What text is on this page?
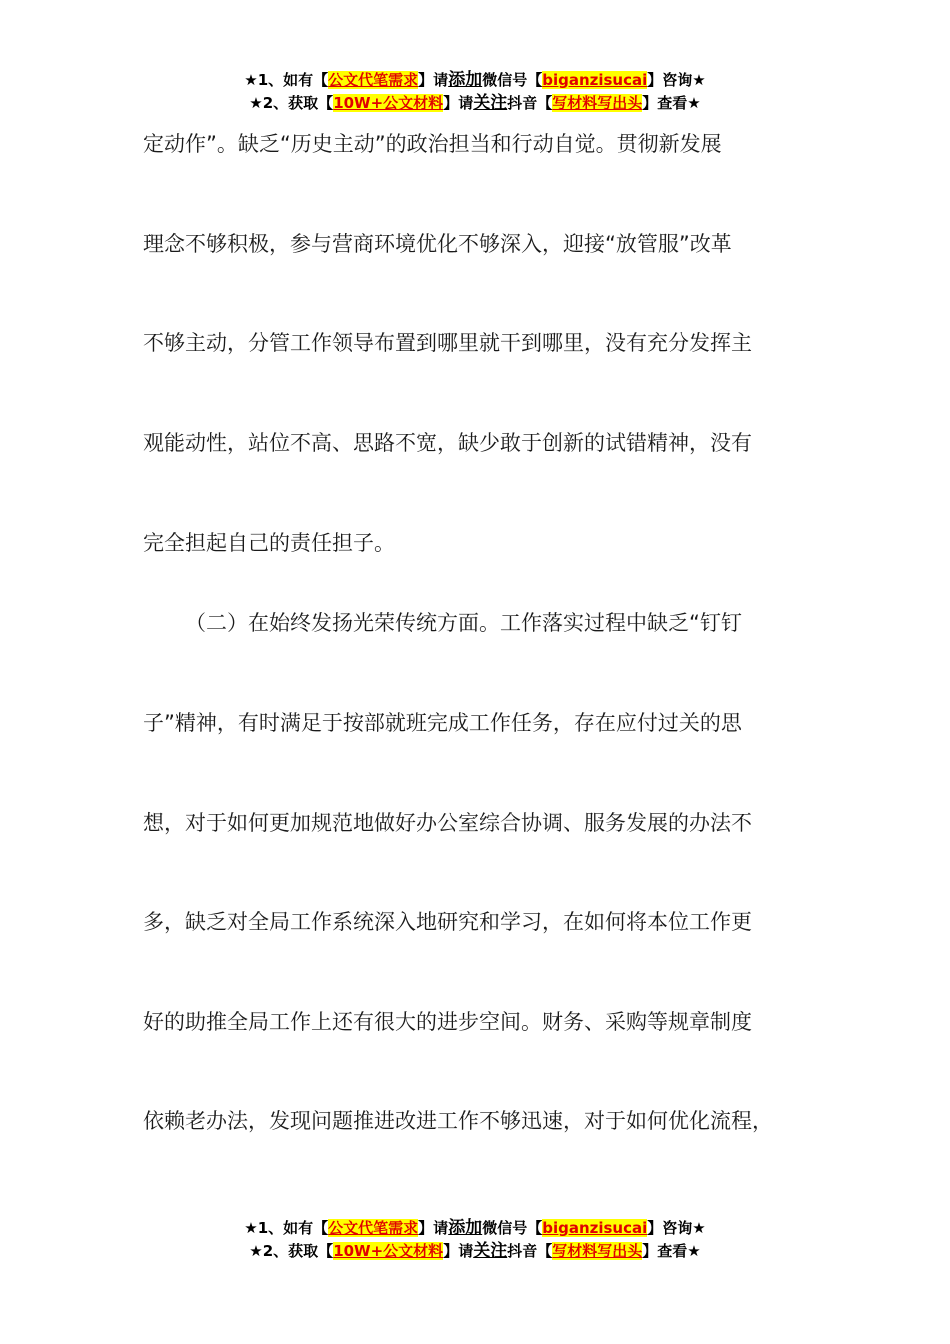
★1、如有【公文代笔需求】请添加微信号【biganzisucai】咨询★
★2、获取【10W+公文材料】请关注抖音【写材料写出头】查看★
定动作”。缺乏“历史主动”的政治担当和行动自觉。贯彻新发展
理念不够积极，参与营商环境优化不够深入，迎接“放管服”改革
不够主动，分管工作领导布置到哪里就干到哪里，没有充分发挥主
观能动性，站位不高、思路不宽，缺少敢于创新的试错精神，没有
完全担起自己的责任担子。
（二）在始终发扬光荣传统方面。工作落实过程中缺乏“钉钉
子”精神，有时满足于按部就班完成工作任务，存在应付过关的思
想，对于如何更加规范地做好办公室综合协调、服务发展的办法不
多，缺乏对全局工作系统深入地研究和学习，在如何将本位工作更
好的助推全局工作上还有很大的进步空间。财务、采购等规章制度
依赖老办法，发现问题推进改进工作不够迅速，对于如何优化流程，
★1、如有【公文代笔需求】请添加微信号【biganzisucai】咨询★
★2、获取【10W+公文材料】请关注抖音【写材料写出头】查看★
